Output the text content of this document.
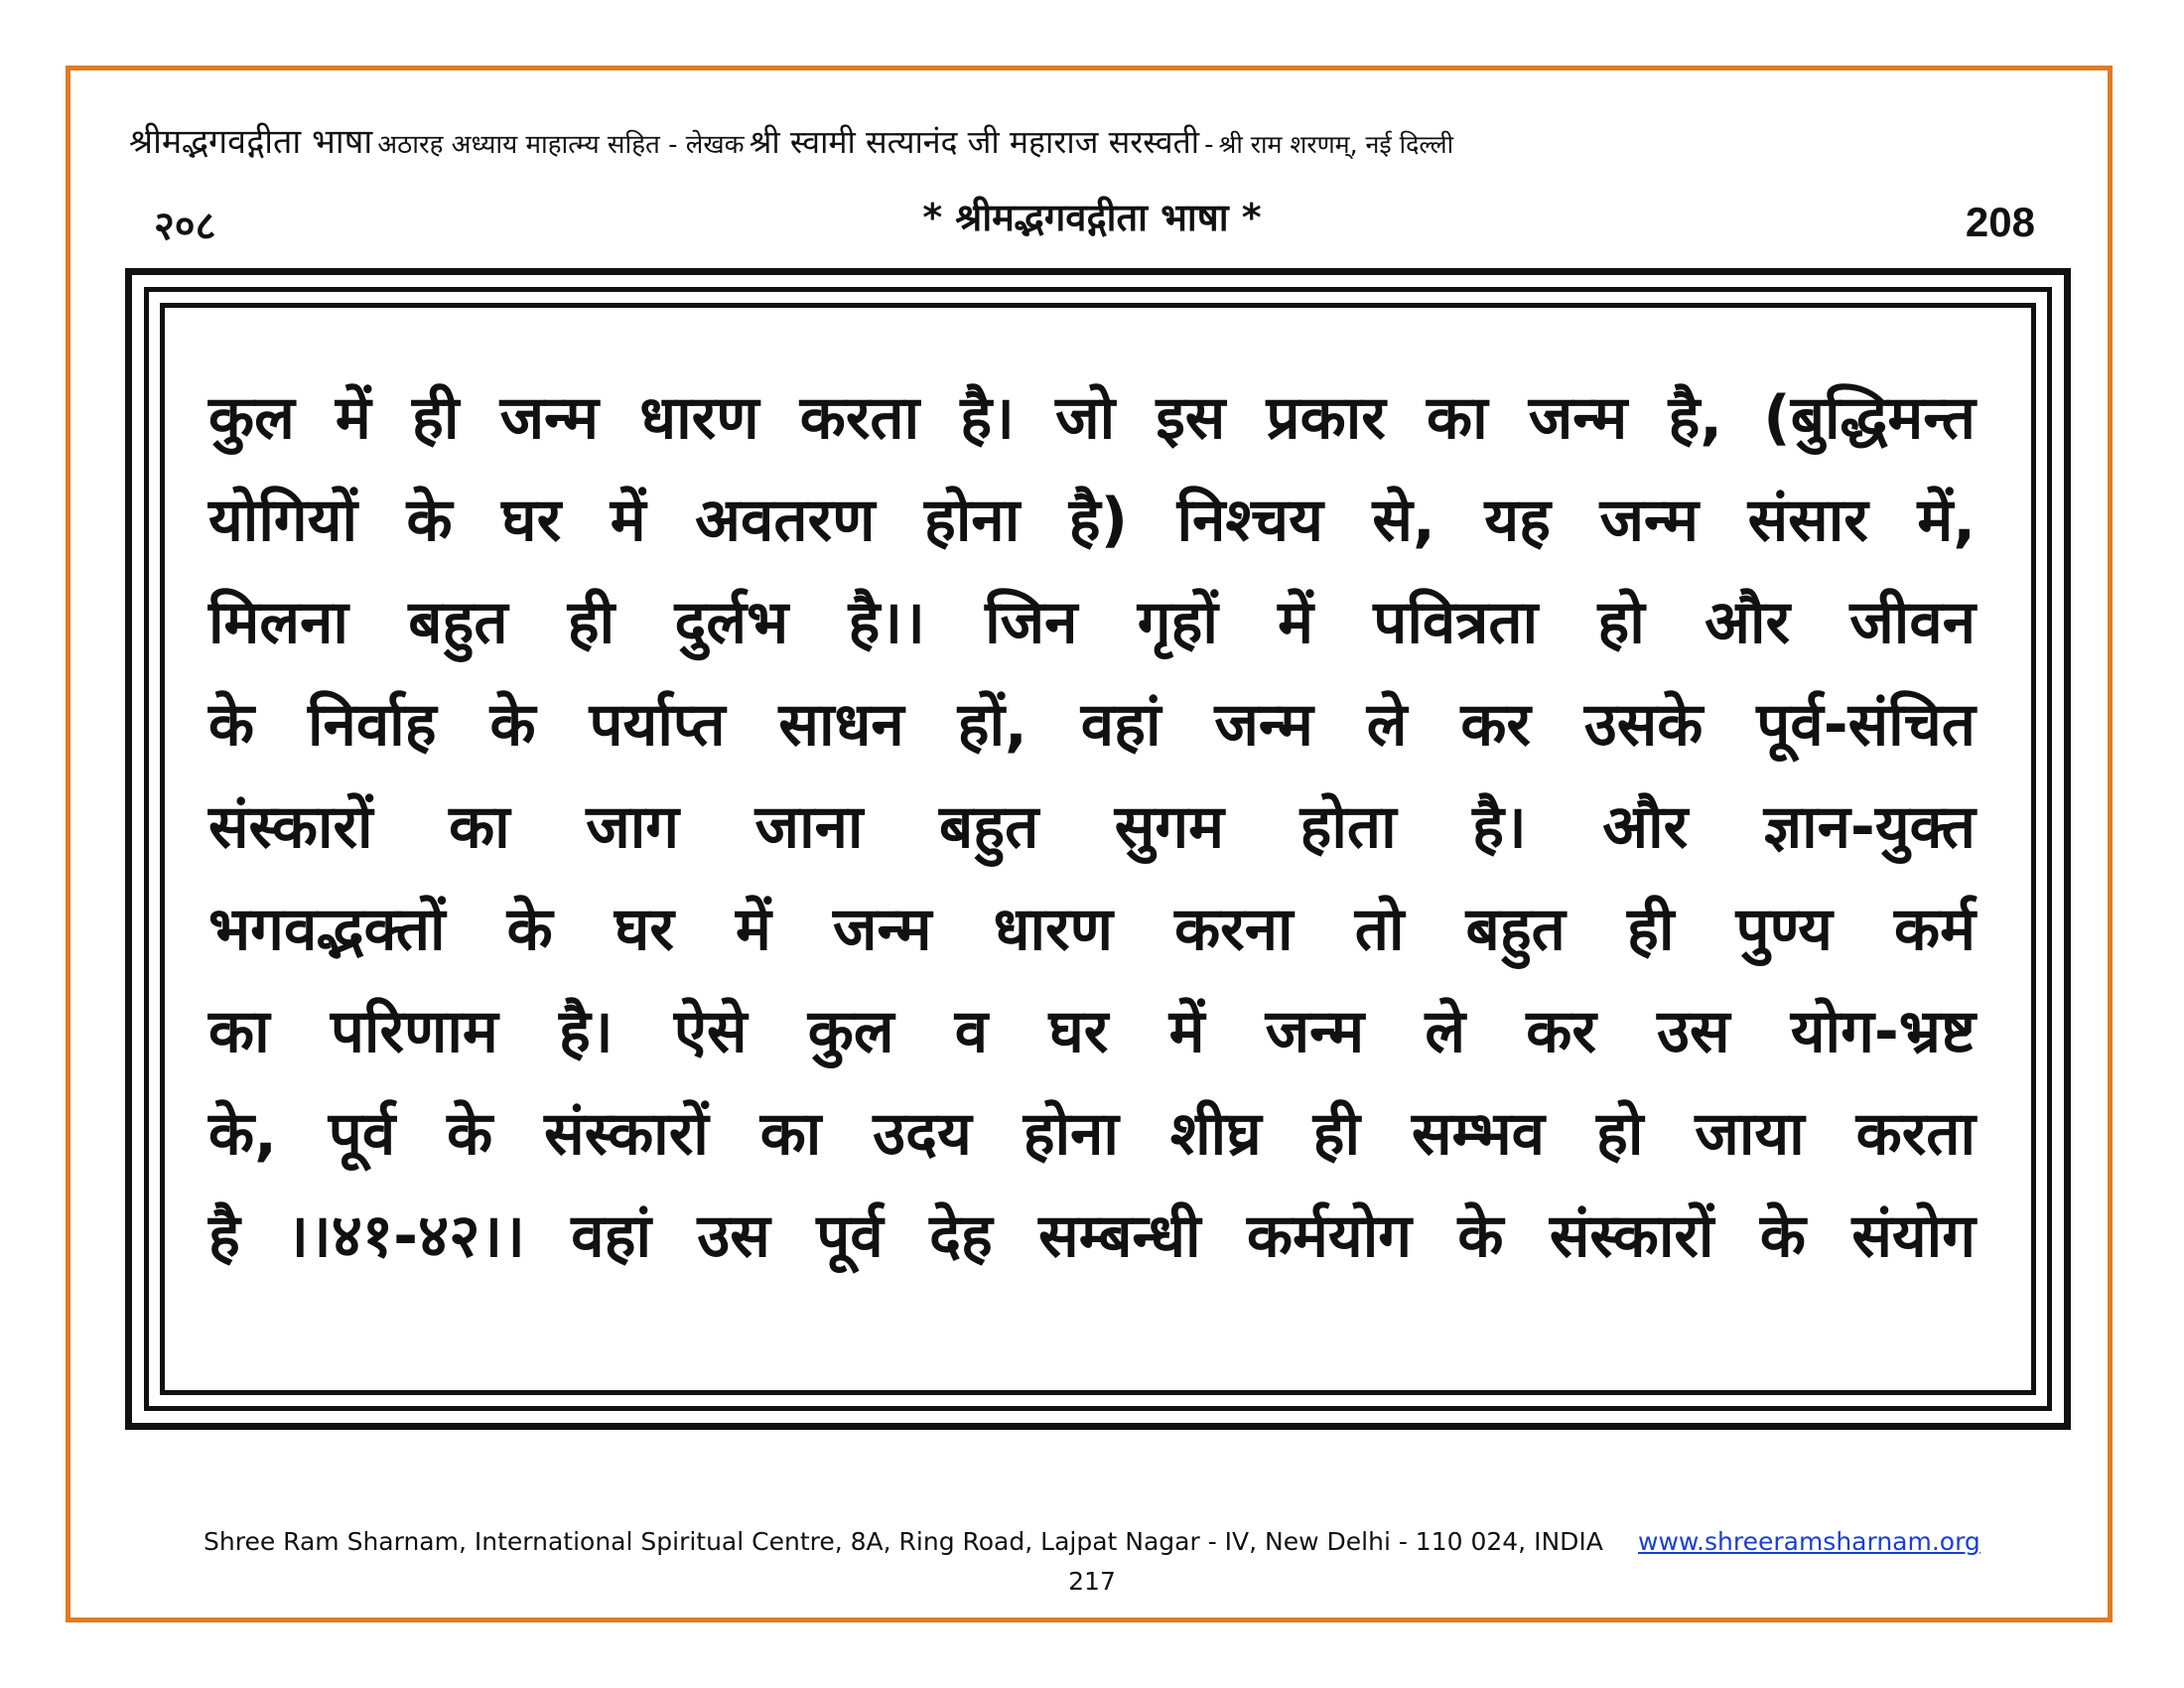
श्रीमद्भगवद्गीता भाषा अठारह अध्याय माहात्म्य सहित - लेखक श्री स्वामी सत्यानंद जी महाराज सरस्वती - श्री राम शरणम्, नई दिल्ली
२०८	* श्रीमद्भगवद्गीता भाषा *	208
कुल में ही जन्म धारण करता है। जो इस प्रकार का जन्म है, (बुद्धिमन्त
योगियों के घर में अवतरण होना है) निश्चय से, यह जन्म संसार में,
मिलना बहुत ही दुर्लभ है।। जिन गृहों में पवित्रता हो और जीवन
के निर्वाह के पर्याप्त साधन हों, वहां जन्म ले कर उसके पूर्व-संचित
संस्कारों का जाग जाना बहुत सुगम होता है। और ज्ञान-युक्त
भगवद्भक्तों के घर में जन्म धारण करना तो बहुत ही पुण्य कर्म
का परिणाम है। ऐसे कुल व घर में जन्म ले कर उस योग-भ्रष्ट
के, पूर्व के संस्कारों का उदय होना शीघ्र ही सम्भव हो जाया करता
है ।।४१-४२।। वहां उस पूर्व देह सम्बन्धी कर्मयोग के संस्कारों के संयोग
Shree Ram Sharnam, International Spiritual Centre, 8A, Ring Road, Lajpat Nagar - IV, New Delhi - 110 024, INDIA www.shreeramsharnam.org
217
